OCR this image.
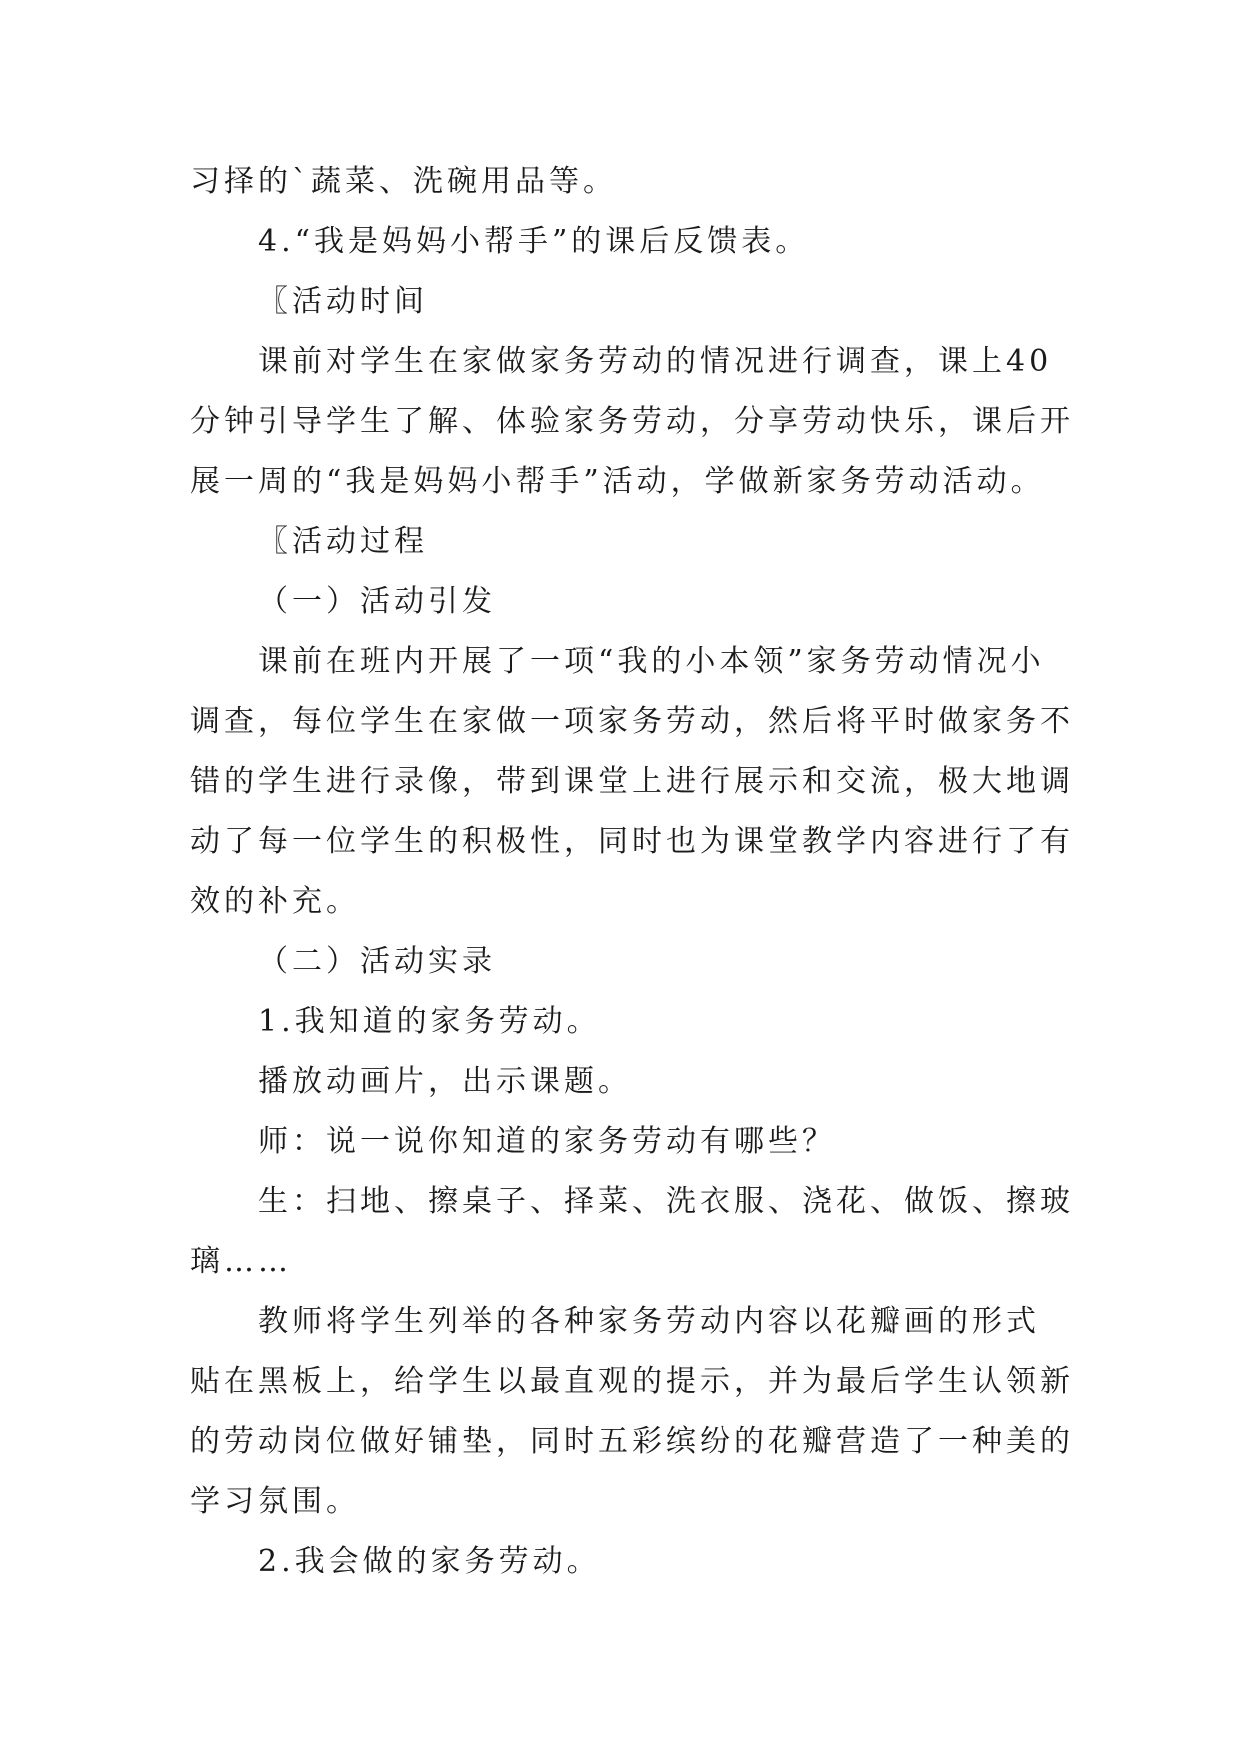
习择的`蔬菜、洗碗用品等。

4.“我是妈妈小帮手”的课后反馈表。

〖活动时间

课前对学生在家做家务劳动的情况进行调查，课上40

分钟引导学生了解、体验家务劳动，分享劳动快乐，课后开

展一周的“我是妈妈小帮手”活动，学做新家务劳动活动。

〖活动过程

（一）活动引发

课前在班内开展了一项“我的小本领”家务劳动情况小

调查，每位学生在家做一项家务劳动，然后将平时做家务不

错的学生进行录像，带到课堂上进行展示和交流，极大地调

动了每一位学生的积极性，同时也为课堂教学内容进行了有

效的补充。

（二）活动实录

1.我知道的家务劳动。

播放动画片，出示课题。

师：说一说你知道的家务劳动有哪些？

生：扫地、擦桌子、择菜、洗衣服、浇花、做饭、擦玻

璃……

教师将学生列举的各种家务劳动内容以花瓣画的形式

贴在黑板上，给学生以最直观的提示，并为最后学生认领新

的劳动岗位做好铺垫，同时五彩缤纷的花瓣营造了一种美的

学习氛围。

2.我会做的家务劳动。
